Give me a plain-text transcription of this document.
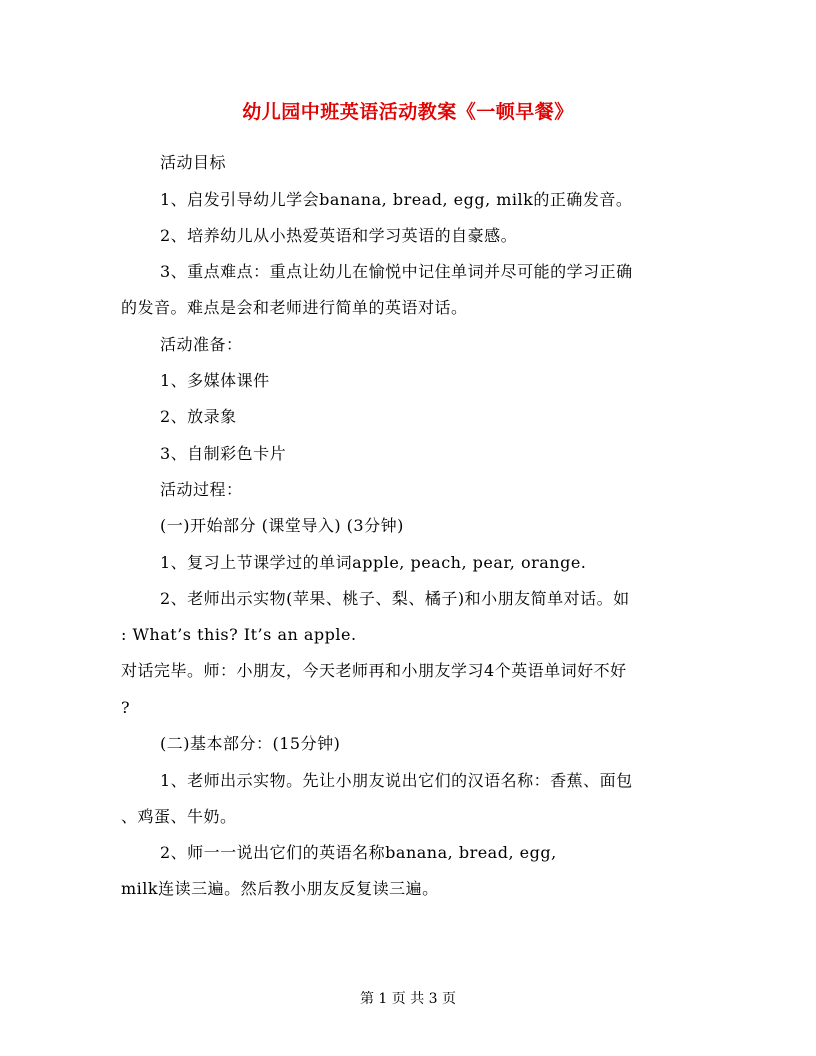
幼儿园中班英语活动教案《一顿早餐》
活动目标
1、启发引导幼儿学会banana, bread, egg, milk的正确发音。
2、培养幼儿从小热爱英语和学习英语的自豪感。
3、重点难点：重点让幼儿在愉悦中记住单词并尽可能的学习正确
的发音。难点是会和老师进行简单的英语对话。
活动准备：
1、多媒体课件
2、放录象
3、自制彩色卡片
活动过程：
(一)开始部分 (课堂导入) (3分钟)
1、复习上节课学过的单词apple, peach, pear, orange.
2、老师出示实物(苹果、桃子、梨、橘子)和小朋友简单对话。如
: What’s this? It’s an apple.
对话完毕。师：小朋友，今天老师再和小朋友学习4个英语单词好不好
?
(二)基本部分：(15分钟)
1、老师出示实物。先让小朋友说出它们的汉语名称：香蕉、面包
、鸡蛋、牛奶。
2、师一一说出它们的英语名称banana, bread, egg,
milk连读三遍。然后教小朋友反复读三遍。
第 1 页 共 3 页
